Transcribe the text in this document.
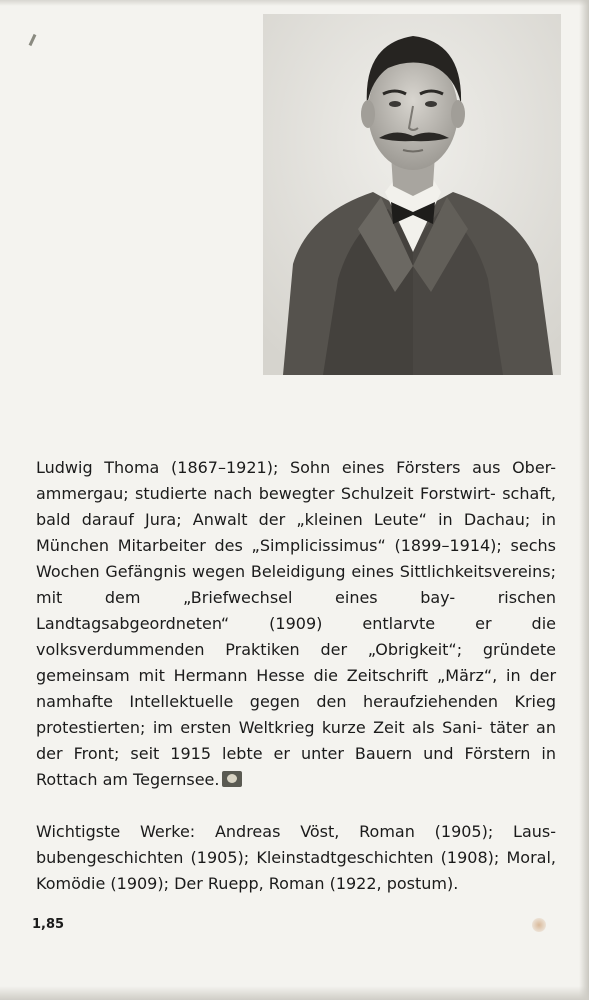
Ludwig Thoma (1867–1921); Sohn eines Försters aus Ober- ammergau; studierte nach bewegter Schulzeit Forstwirt- schaft, bald darauf Jura; Anwalt der „kleinen Leute“ in Dachau; in München Mitarbeiter des „Simplicissimus“ (1899–1914); sechs Wochen Gefängnis wegen Beleidigung eines Sittlichkeitsvereins; mit dem „Briefwechsel eines bay-	rischen Landtagsabgeordneten“ (1909) entlarvte er die volksverdummenden Praktiken der „Obrigkeit“; gründete gemeinsam mit Hermann Hesse die Zeitschrift „März“, in der namhafte Intellektuelle gegen den heraufziehenden Krieg protestierten; im ersten Weltkrieg kurze Zeit als Sani- täter an der Front; seit 1915 lebte er unter Bauern und Förstern in Rottach am Tegernsee.

Wichtigste Werke: Andreas Vöst, Roman (1905); Laus- bubengeschichten (1905); Kleinstadtgeschichten (1908); Moral, Komödie (1909); Der Ruepp, Roman (1922, postum).

1,85
